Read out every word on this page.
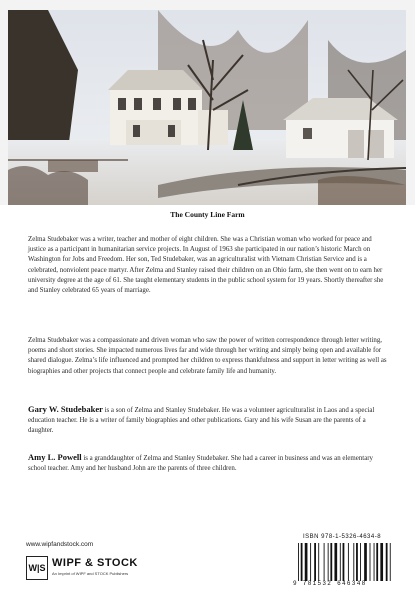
The County Line Farm

Zelma Studebaker was a writer, teacher and mother of eight children. She was a Christian woman who worked for peace and justice as a participant in humanitarian service projects. In August of 1963 she participated in our nation’s historic March on Washington for Jobs and Freedom. Her son, Ted Studebaker, was an agriculturalist with Vietnam Christian Service and is a celebrated, nonviolent peace martyr. After Zelma and Stanley raised their children on an Ohio farm, she then went on to earn her university degree at the age of 61. She taught elementary students in the public school system for 19 years. Shortly thereafter she and Stanley celebrated 65 years of marriage.

Zelma Studebaker was a compassionate and driven woman who saw the power of written correspondence through letter writing, poems and short stories. She impacted numerous lives far and wide through her writing and simply being open and available for shared dialogue. Zelma’s life influenced and prompted her children to express thankfulness and support in letter writing as well as biographies and other projects that connect people and celebrate family life and humanity.

Gary W. Studebaker is a son of Zelma and Stanley Studebaker. He was a volunteer agriculturalist in Laos and a special education teacher. He is a writer of family biographies and other publications. Gary and his wife Susan are the parents of a daughter.

Amy L. Powell is a granddaughter of Zelma and Stanley Studebaker. She had a career in business and was an elementary school teacher. Amy and her husband John are the parents of three children.

www.wipfandstock.com
W|S WIPF & STOCK
An Imprint of WIPF and STOCK Publishers
ISBN 978-1-5326-4634-8
9 781532 646348
